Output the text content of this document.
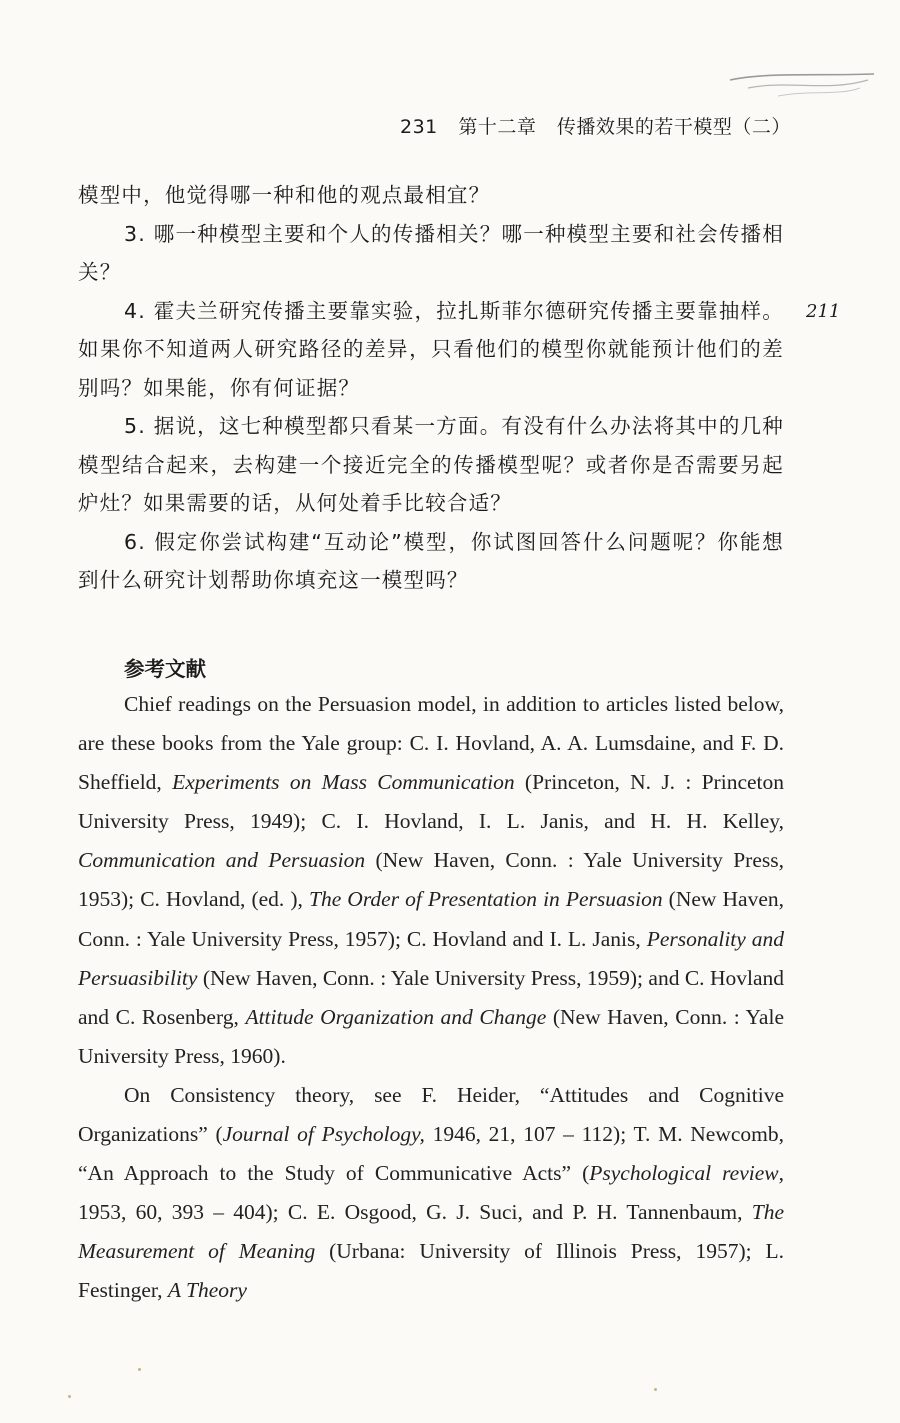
231 第十二章 传播效果的若干模型（二）
211

模型中，他觉得哪一种和他的观点最相宜？

3. 哪一种模型主要和个人的传播相关？哪一种模型主要和社会传播相关？

4. 霍夫兰研究传播主要靠实验，拉扎斯菲尔德研究传播主要靠抽样。如果你不知道两人研究路径的差异，只看他们的模型你就能预计他们的差别吗？如果能，你有何证据？

5. 据说，这七种模型都只看某一方面。有没有什么办法将其中的几种模型结合起来，去构建一个接近完全的传播模型呢？或者你是否需要另起炉灶？如果需要的话，从何处着手比较合适？

6. 假定你尝试构建“互动论”模型，你试图回答什么问题呢？你能想到什么研究计划帮助你填充这一模型吗？

参考文献

Chief readings on the Persuasion model, in addition to articles listed below, are these books from the Yale group: C. I. Hovland, A. A. Lumsdaine, and F. D. Sheffield, Experiments on Mass Communication (Princeton, N. J. : Princeton University Press, 1949); C. I. Hovland, I. L. Janis, and H. H. Kelley, Communication and Persuasion (New Haven, Conn. : Yale University Press, 1953); C. Hovland, (ed. ), The Order of Presentation in Persuasion (New Haven, Conn. : Yale University Press, 1957); C. Hovland and I. L. Janis, Personality and Persuasibility (New Haven, Conn. : Yale University Press, 1959); and C. Hovland and C. Rosenberg, Attitude Organization and Change (New Haven, Conn. : Yale University Press, 1960).

On Consistency theory, see F. Heider, “Attitudes and Cognitive Organizations” (Journal of Psychology, 1946, 21, 107 – 112); T. M. Newcomb, “An Approach to the Study of Communicative Acts” (Psychological review, 1953, 60, 393 – 404); C. E. Osgood, G. J. Suci, and P. H. Tannenbaum, The Measurement of Meaning (Urbana: University of Illinois Press, 1957); L. Festinger, A Theory
